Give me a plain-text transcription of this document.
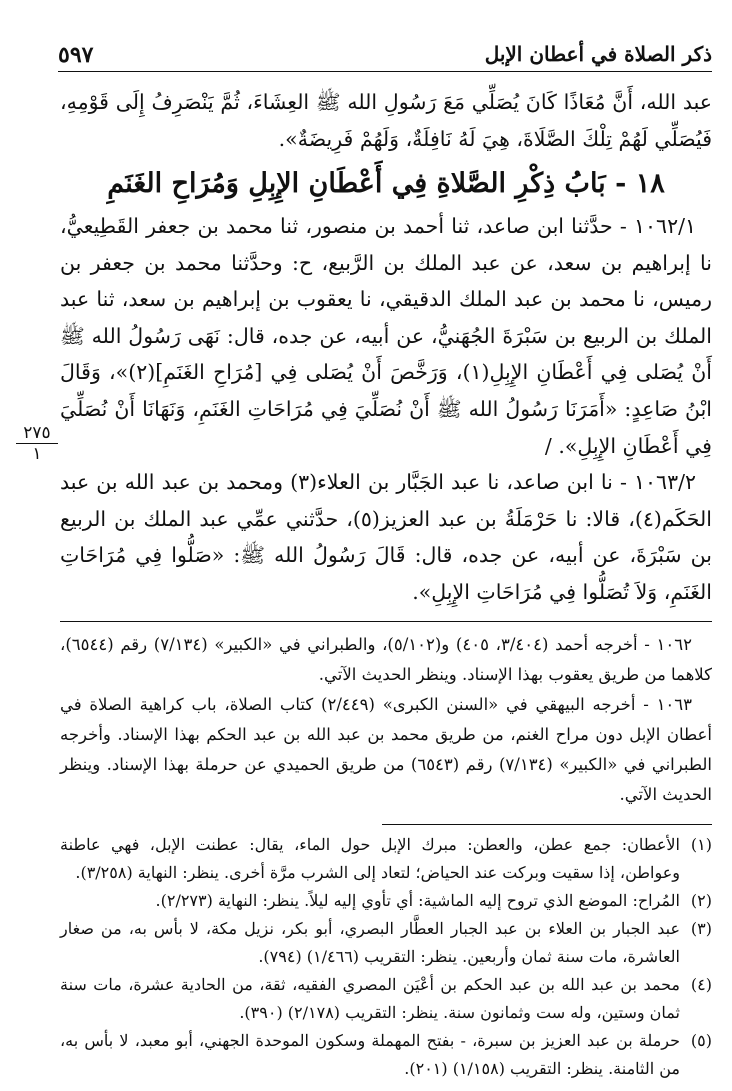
ذكر الصلاة في أعطان الإبل
٥٩٧
٢٧٥
١

عبد الله، أَنَّ مُعَاذًا كَانَ يُصَلِّي مَعَ رَسُولِ الله ﷺ العِشَاءَ، ثُمَّ يَنْصَرِفُ إِلَى قَوْمِهِ، فَيُصَلِّي لَهُمْ تِلْكَ الصَّلَاةَ، هِيَ لَهُ نَافِلَةٌ، وَلَهُمْ فَرِيضَةٌ».

١٨ - بَابُ ذِكْرِ الصَّلاةِ فِي أَعْطَانِ الإِبِلِ وَمُرَاحِ الغَنَمِ

١٠٦٢/١ - حدَّثنا ابن صاعد، ثنا أحمد بن منصور، ثنا محمد بن جعفر القَطِيعيُّ، نا إبراهيم بن سعد، عن عبد الملك بن الرَّبيع، ح: وحدَّثنا محمد بن جعفر بن رميس، نا محمد بن عبد الملك الدقيقي، نا يعقوب بن إبراهيم بن سعد، ثنا عبد الملك بن الربيع بن سَبْرَةَ الجُهَنيُّ، عن أبيه، عن جده، قال: نَهَى رَسُولُ الله ﷺ أَنْ يُصَلى فِي أَعْطَانِ الإِبِلِ(١)، وَرَخَّصَ أَنْ يُصَلى فِي [مُرَاحِ الغَنَمِ](٢)»، وَقَالَ ابْنُ صَاعِدٍ: «أَمَرَنَا رَسُولُ الله ﷺ أَنْ نُصَلِّيَ فِي مُرَاحَاتِ الغَنَمِ، وَنَهَانَا أَنْ نُصَلِّيَ فِي أَعْطَانِ الإِبِلِ». /

١٠٦٣/٢ - نا ابن صاعد، نا عبد الجَبَّار بن العلاء(٣) ومحمد بن عبد الله بن عبد الحَكَم(٤)، قالا: نا حَرْمَلَةُ بن عبد العزيز(٥)، حدَّثني عمِّي عبد الملك بن الربيع بن سَبْرَةَ، عن أبيه، عن جده، قال: قَالَ رَسُولُ الله ﷺ: «صَلُّوا فِي مُرَاحَاتِ الغَنَمِ، وَلاَ تُصَلُّوا فِي مُرَاحَاتِ الإِبِلِ».

١٠٦٢ - أخرجه أحمد (٣/٤٠٤، ٤٠٥) و(٥/١٠٢)، والطبراني في «الكبير» (٧/١٣٤) رقم (٦٥٤٤)، كلاهما من طريق يعقوب بهذا الإسناد. وينظر الحديث الآتي.

١٠٦٣ - أخرجه البيهقي في «السنن الكبرى» (٢/٤٤٩) كتاب الصلاة، باب كراهية الصلاة في أعطان الإبل دون مراح الغنم، من طريق محمد بن عبد الله بن عبد الحكم بهذا الإسناد. وأخرجه الطبراني في «الكبير» (٧/١٣٤) رقم (٦٥٤٣) من طريق الحميدي عن حرملة بهذا الإسناد. وينظر الحديث الآتي.

(١)
الأعطان: جمع عطن، والعطن: مبرك الإبل حول الماء، يقال: عطنت الإبل، فهي عاطنة وعواطن، إذا سقيت وبركت عند الحياض؛ لتعاد إلى الشرب مرَّة أخرى. ينظر: النهاية (٣/٢٥٨).
(٢)
المُراح: الموضع الذي تروح إليه الماشية: أي تأوي إليه ليلاً. ينظر: النهاية (٢/٢٧٣).
(٣)
عبد الجبار بن العلاء بن عبد الجبار العطَّار البصري، أبو بكر، نزيل مكة، لا بأس به، من صغار العاشرة، مات سنة ثمان وأربعين. ينظر: التقريب (١/٤٦٦) (٧٩٤).
(٤)
محمد بن عبد الله بن عبد الحكم بن أعْيَن المصري الفقيه، ثقة، من الحادية عشرة، مات سنة ثمان وستين، وله ست وثمانون سنة. ينظر: التقريب (٢/١٧٨) (٣٩٠).
(٥)
حرملة بن عبد العزيز بن سبرة، - بفتح المهملة وسكون الموحدة الجهني، أبو معبد، لا بأس به، من الثامنة. ينظر: التقريب (١/١٥٨) (٢٠١).
